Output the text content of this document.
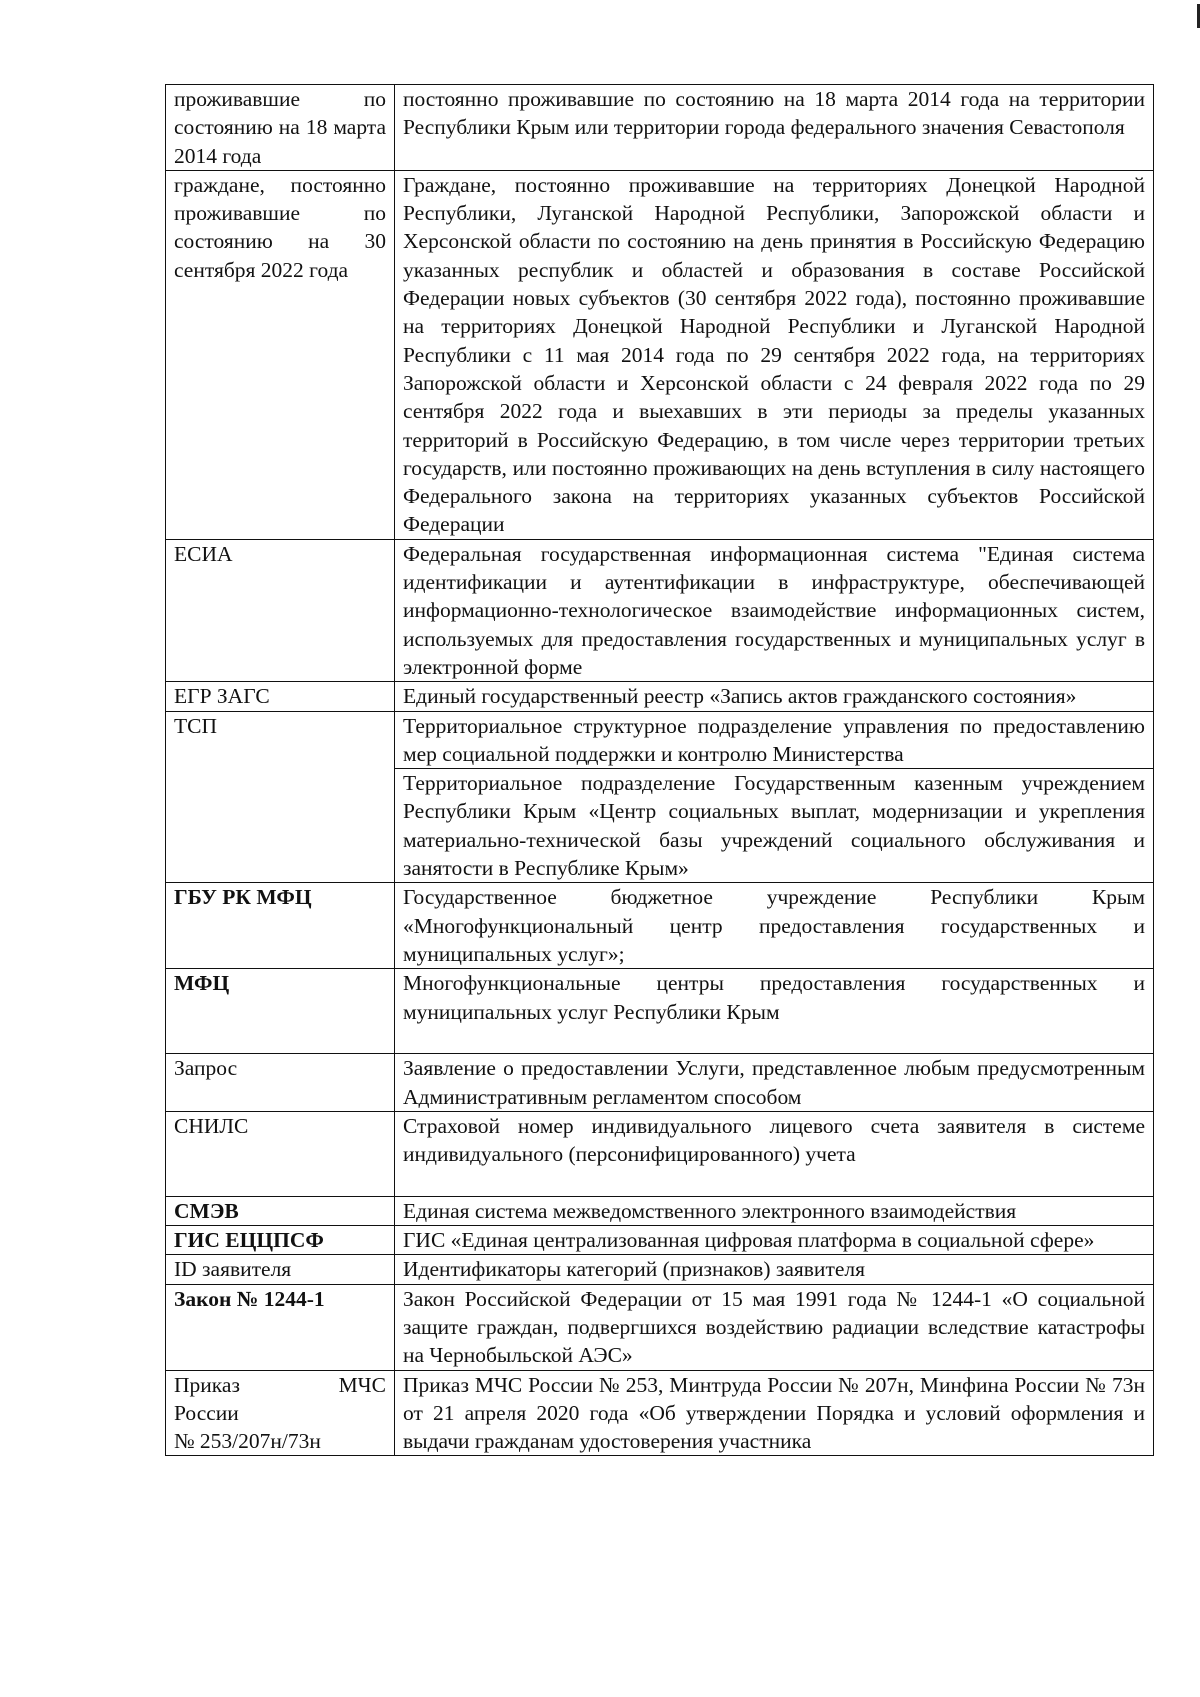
проживавшие по состоянию на 18 марта 2014 года	постоянно проживавшие по состоянию на 18 марта 2014 года на территории Республики Крым или территории города федерального значения Севастополя
граждане, постоянно проживавшие по состоянию на 30 сентября 2022 года	Граждане, постоянно проживавшие на территориях Донецкой Народной Республики, Луганской Народной Республики, Запорожской области и Херсонской области по состоянию на день принятия в Российскую Федерацию указанных республик и областей и образования в составе Российской Федерации новых субъектов (30 сентября 2022 года), постоянно проживавшие на территориях Донецкой Народной Республики и Луганской Народной Республики с 11 мая 2014 года по 29 сентября 2022 года, на территориях Запорожской области и Херсонской области с 24 февраля 2022 года по 29 сентября 2022 года и выехавших в эти периоды за пределы указанных территорий в Российскую Федерацию, в том числе через территории третьих государств, или постоянно проживающих на день вступления в силу настоящего Федерального закона на территориях указанных субъектов Российской Федерации
ЕСИА	Федеральная государственная информационная система "Единая система идентификации и аутентификации в инфраструктуре, обеспечивающей информационно-технологическое взаимодействие информационных систем, используемых для предоставления государственных и муниципальных услуг в электронной форме
ЕГР ЗАГС	Единый государственный реестр «Запись актов гражданского состояния»
ТСП	Территориальное структурное подразделение управления по предоставлению мер социальной поддержки и контролю Министерства
	Территориальное подразделение Государственным казенным учреждением Республики Крым «Центр социальных выплат, модернизации и укрепления материально-технической базы учреждений социального обслуживания и занятости в Республике Крым»
ГБУ РК МФЦ	Государственное бюджетное учреждение Республики Крым «Многофункциональный центр предоставления государственных и муниципальных услуг»;
МФЦ	Многофункциональные центры предоставления государственных и муниципальных услуг Республики Крым
Запрос	Заявление о предоставлении Услуги, представленное любым предусмотренным Административным регламентом способом
СНИЛС	Страховой номер индивидуального лицевого счета заявителя в системе индивидуального (персонифицированного) учета
СМЭВ	Единая система межведомственного электронного взаимодействия
ГИС ЕЦЦПСФ	ГИС «Единая централизованная цифровая платформа в социальной сфере»
ID заявителя	Идентификаторы категорий (признаков) заявителя
Закон № 1244-1	Закон Российской Федерации от 15 мая 1991 года № 1244-1 «О социальной защите граждан, подвергшихся воздействию радиации вследствие катастрофы на Чернобыльской АЭС»

Приказ МЧС
России
№ 253/207н/73н	Приказ МЧС России № 253, Минтруда России № 207н, Минфина России № 73н от 21 апреля 2020 года «Об утверждении Порядка и условий оформления и выдачи гражданам удостоверения участника
